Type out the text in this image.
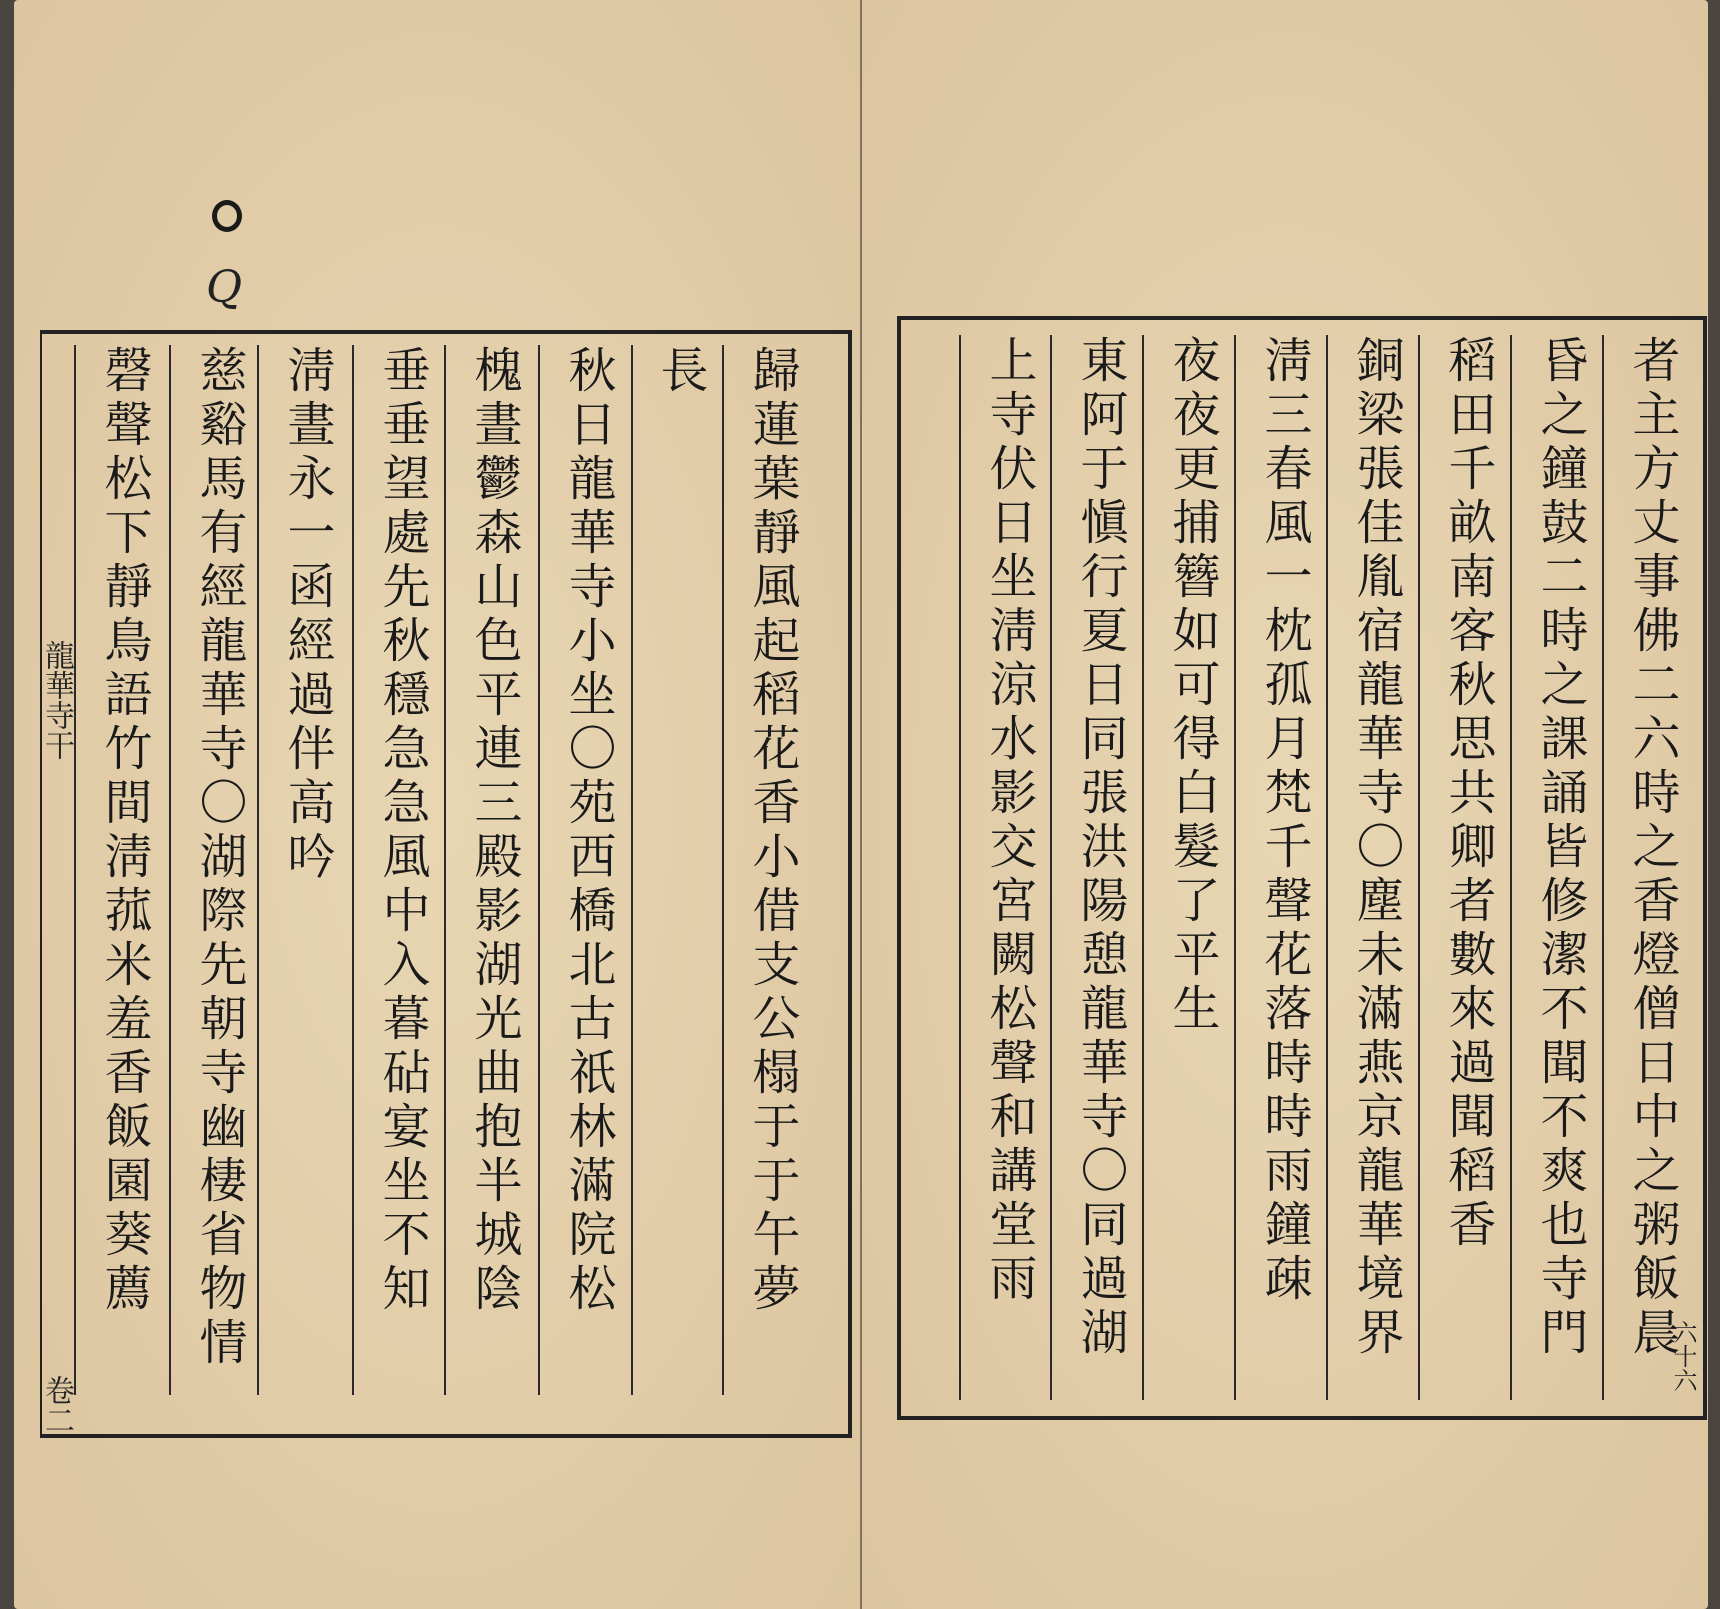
Q
歸蓮葉靜風起稻花香小借支公榻于于午夢
長
秋日龍華寺小坐〇苑西橋北古祇林滿院松
槐晝鬱森山色平連三殿影湖光曲抱半城陰
垂垂望處先秋穩急急風中入暮砧宴坐不知
淸晝永一函經過伴高吟
慈谿馬有經龍華寺〇湖際先朝寺幽棲省物情
磬聲松下靜鳥語竹間淸菰米羞香飯園葵薦
龍華寺干
卷二
者主方丈事佛二六時之香燈僧日中之粥飯晨
昏之鐘鼓二時之課誦皆修潔不聞不爽也寺門
稻田千畝南客秋思共卿者數來過聞稻香
銅梁張佳胤宿龍華寺〇塵未滿燕京龍華境界
淸三春風一枕孤月梵千聲花落時時雨鐘疎
夜夜更捕簪如可得白髮了平生
東阿于愼行夏日同張洪陽憩龍華寺〇同過湖
上寺伏日坐淸涼水影交宮闕松聲和講堂雨
六十六
